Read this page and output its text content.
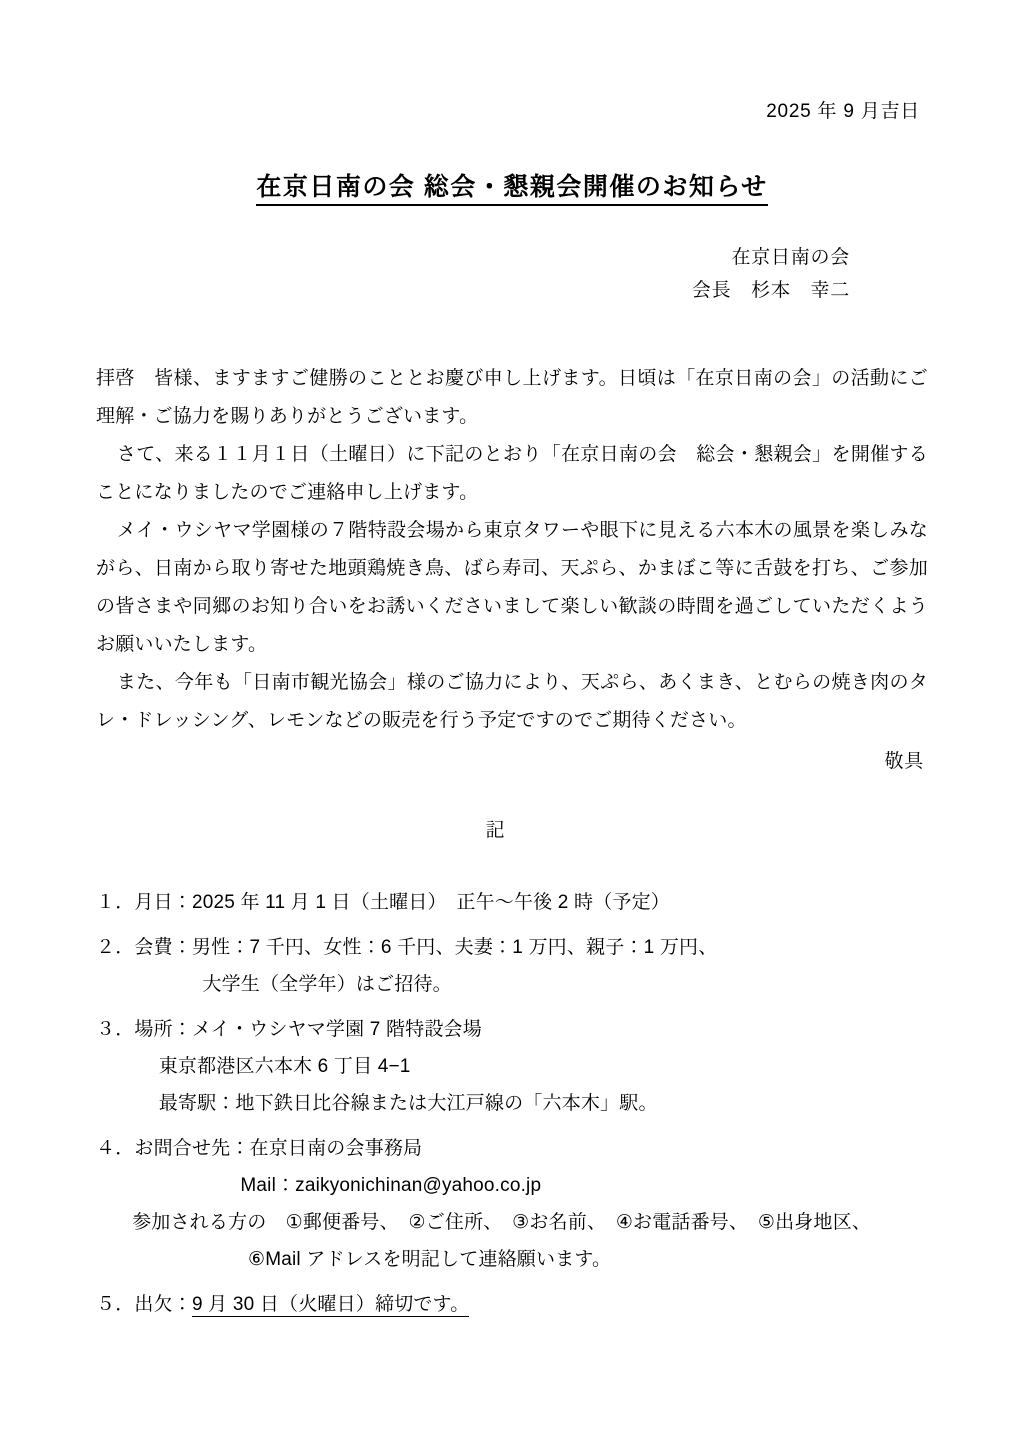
2025 年 9 月吉日
在京日南の会 総会・懇親会開催のお知らせ
在京日南の会
会長　杉本　幸二

拝啓　皆様、ますますご健勝のこととお慶び申し上げます。日頃は「在京日南の会」の活動にご理解・ご協力を賜りありがとうございます。

さて、来る１１月１日（土曜日）に下記のとおり「在京日南の会　総会・懇親会」を開催することになりましたのでご連絡申し上げます。

メイ・ウシヤマ学園様の７階特設会場から東京タワーや眼下に見える六本木の風景を楽しみながら、日南から取り寄せた地頭鶏焼き鳥、ばら寿司、天ぷら、かまぼこ等に舌鼓を打ち、ご参加の皆さまや同郷のお知り合いをお誘いくださいまして楽しい歓談の時間を過ごしていただくようお願いいたします。

また、今年も「日南市観光協会」様のご協力により、天ぷら、あくまき、とむらの焼き肉のタレ・ドレッシング、レモンなどの販売を行う予定ですのでご期待ください。

敬具
記
１．月日：2025 年 11 月 1 日（土曜日）　正午～午後 2 時（予定）
２．会費：男性：7 千円、女性：6 千円、夫妻：1 万円、親子：1 万円、
大学生（全学年）はご招待。
３．場所：メイ・ウシヤマ学園 7 階特設会場
東京都港区六本木 6 丁目 4−1
最寄駅：地下鉄日比谷線または大江戸線の「六本木」駅。
４．お問合せ先：在京日南の会事務局
Mail：zaikyonichinan@yahoo.co.jp
参加される方の　①郵便番号、　②ご住所、　③お名前、　④お電話番号、　⑤出身地区、
⑥Mail アドレスを明記して連絡願います。
５．出欠：9 月 30 日（火曜日）締切です。
